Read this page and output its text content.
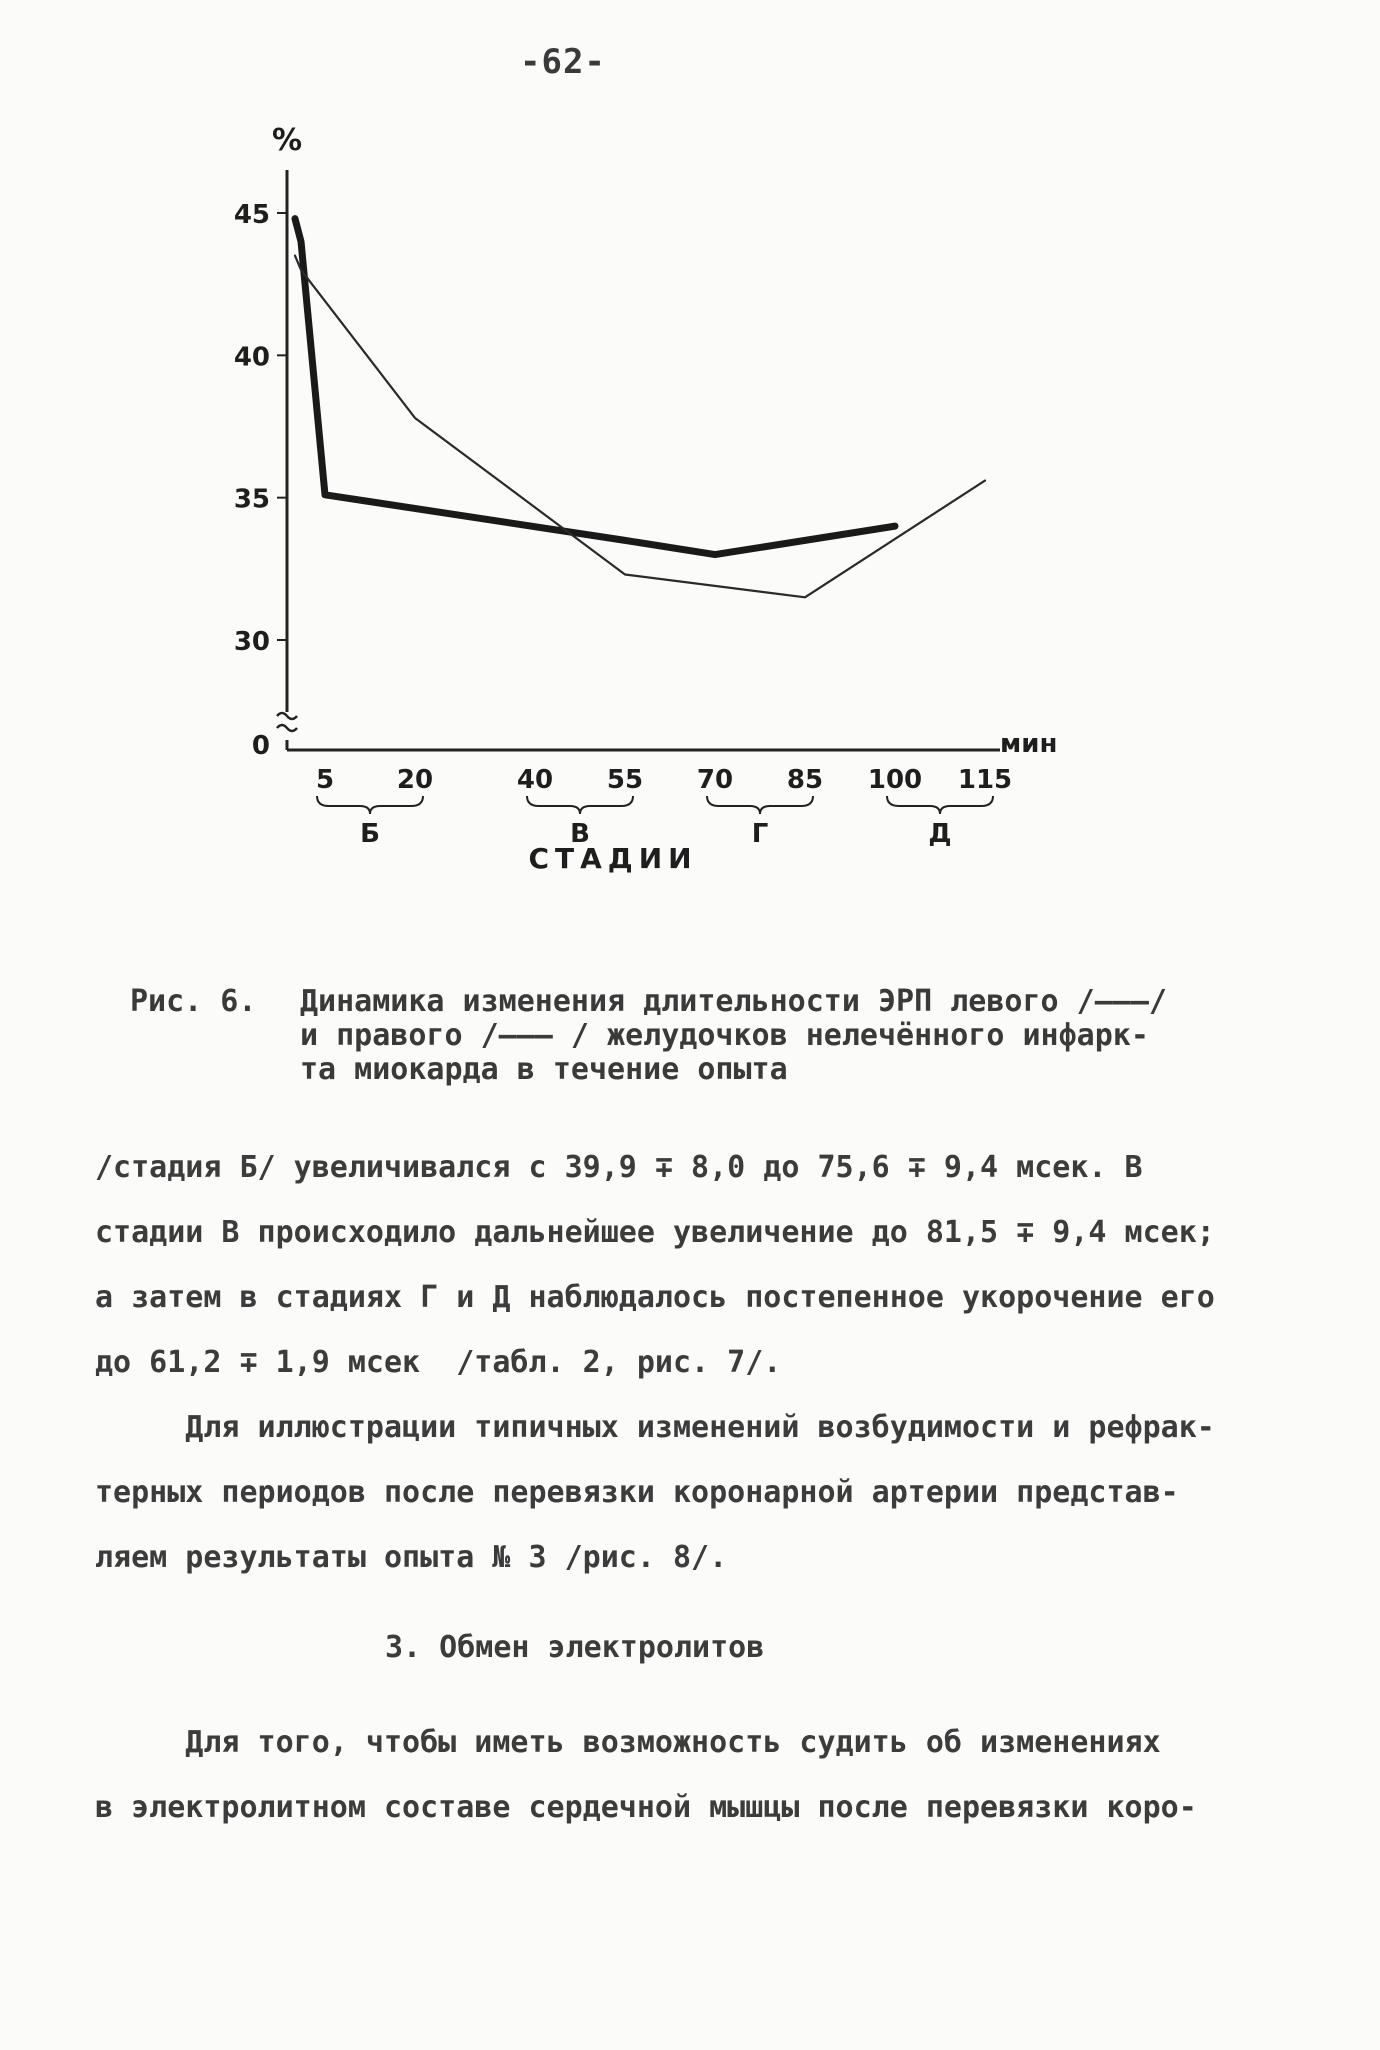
-62-
%
мин
45
40
35
30
0
5 20	40 55 70 85 100 115
Б	В	Г	Д
СТАДИИ
Рис. 6. Динамика изменения длительности ЭРП левого /———/
и правого /——— / желудочков нелечённого инфарк-
та миокарда в течение опыта
/стадия Б/ увеличивался с 39,9 ∓ 8,0 до 75,6 ∓ 9,4 мсек. В
стадии В происходило дальнейшее увеличение до 81,5 ∓ 9,4 мсек;
а затем в стадиях Г и Д наблюдалось постепенное укорочение его
до 61,2 ∓ 1,9 мсек  /табл. 2, рис. 7/.
Для иллюстрации типичных изменений возбудимости и рефрак-
терных периодов после перевязки коронарной артерии представ-
ляем результаты опыта № 3 /рис. 8/.
3. Обмен электролитов
Для того, чтобы иметь возможность судить об изменениях
в электролитном составе сердечной мышцы после перевязки коро-
